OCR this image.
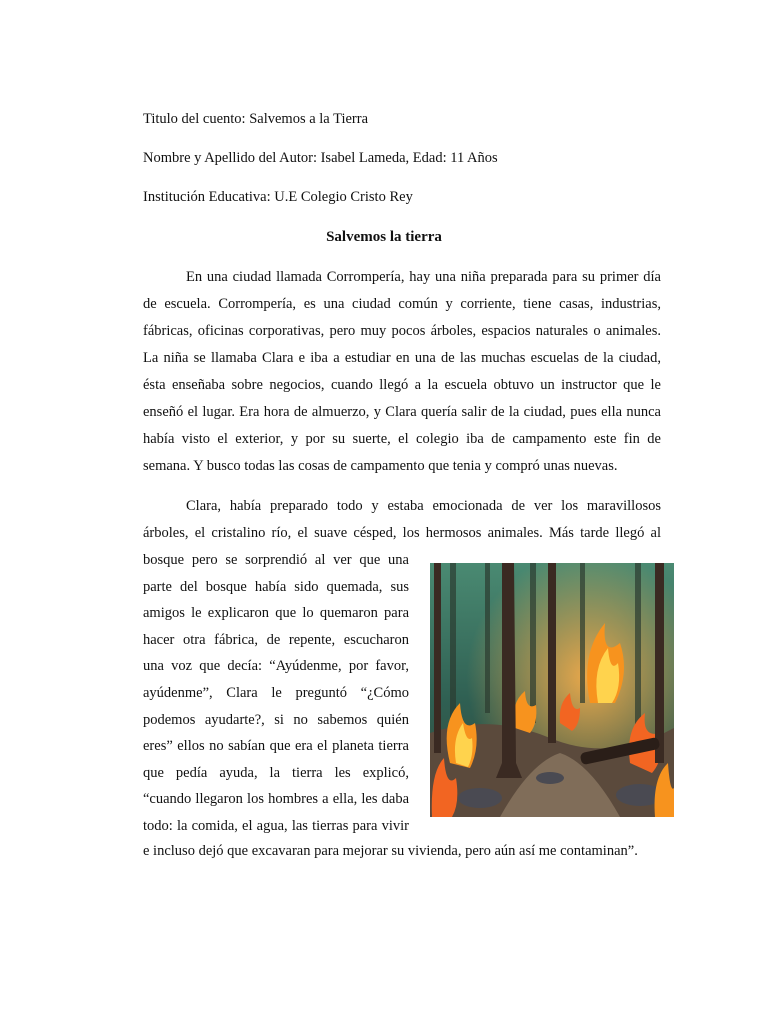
Titulo del cuento: Salvemos a la Tierra
Nombre y Apellido del Autor: Isabel Lameda, Edad: 11 Años
Institución Educativa: U.E Colegio Cristo Rey
Salvemos la tierra
En una ciudad llamada Corrompería, hay una niña preparada para su primer día
de escuela. Corrompería, es una ciudad común y corriente, tiene casas, industrias,
fábricas, oficinas corporativas, pero muy pocos árboles, espacios naturales o animales.
La niña se llamaba Clara e iba a estudiar en una de las muchas escuelas de la ciudad,
ésta enseñaba sobre negocios, cuando llegó a la escuela obtuvo un instructor que le
enseñó el lugar. Era hora de almuerzo, y Clara quería salir de la ciudad, pues ella nunca
había visto el exterior, y por su suerte, el colegio iba de campamento este fin de
semana. Y busco todas las cosas de campamento que tenia y compró unas nuevas.
Clara, había preparado todo y estaba emocionada de ver los maravillosos
árboles, el cristalino río, el suave césped, los hermosos animales. Más tarde llegó al
bosque pero se sorprendió al ver que una
parte del bosque había sido quemada, sus
amigos le explicaron que lo quemaron para
hacer otra fábrica, de repente, escucharon
una voz que decía: “Ayúdenme, por favor,
ayúdenme”, Clara le preguntó “¿Cómo
podemos ayudarte?, si no sabemos quién
eres” ellos no sabían que era el planeta tierra
que pedía ayuda, la tierra les explicó,
“cuando llegaron los hombres a ella, les daba
todo: la comida, el agua, las tierras para vivir
e incluso dejó que excavaran para mejorar su vivienda, pero aún así me contaminan”.
